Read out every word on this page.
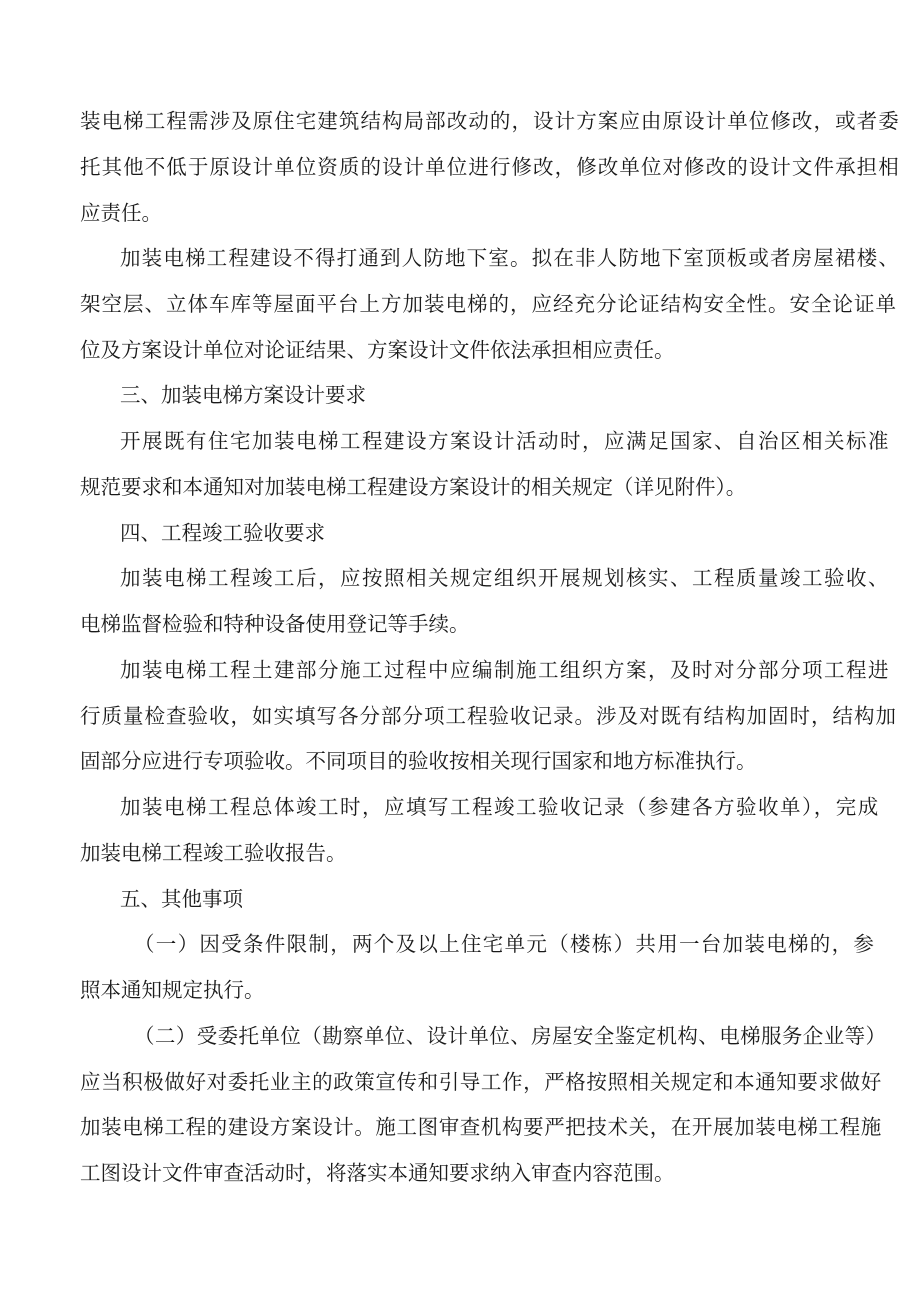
装电梯工程需涉及原住宅建筑结构局部改动的，设计方案应由原设计单位修改，或者委
托其他不低于原设计单位资质的设计单位进行修改，修改单位对修改的设计文件承担相
应责任。
加装电梯工程建设不得打通到人防地下室。拟在非人防地下室顶板或者房屋裙楼、
架空层、立体车库等屋面平台上方加装电梯的，应经充分论证结构安全性。安全论证单
位及方案设计单位对论证结果、方案设计文件依法承担相应责任。
三、加装电梯方案设计要求
开展既有住宅加装电梯工程建设方案设计活动时，应满足国家、自治区相关标准
规范要求和本通知对加装电梯工程建设方案设计的相关规定（详见附件）。
四、工程竣工验收要求
加装电梯工程竣工后，应按照相关规定组织开展规划核实、工程质量竣工验收、
电梯监督检验和特种设备使用登记等手续。
加装电梯工程土建部分施工过程中应编制施工组织方案，及时对分部分项工程进
行质量检查验收，如实填写各分部分项工程验收记录。涉及对既有结构加固时，结构加
固部分应进行专项验收。不同项目的验收按相关现行国家和地方标准执行。
加装电梯工程总体竣工时，应填写工程竣工验收记录（参建各方验收单），完成
加装电梯工程竣工验收报告。
五、其他事项
（一）因受条件限制，两个及以上住宅单元（楼栋）共用一台加装电梯的，参
照本通知规定执行。
（二）受委托单位（勘察单位、设计单位、房屋安全鉴定机构、电梯服务企业等）
应当积极做好对委托业主的政策宣传和引导工作，严格按照相关规定和本通知要求做好
加装电梯工程的建设方案设计。施工图审查机构要严把技术关，在开展加装电梯工程施
工图设计文件审查活动时，将落实本通知要求纳入审查内容范围。
